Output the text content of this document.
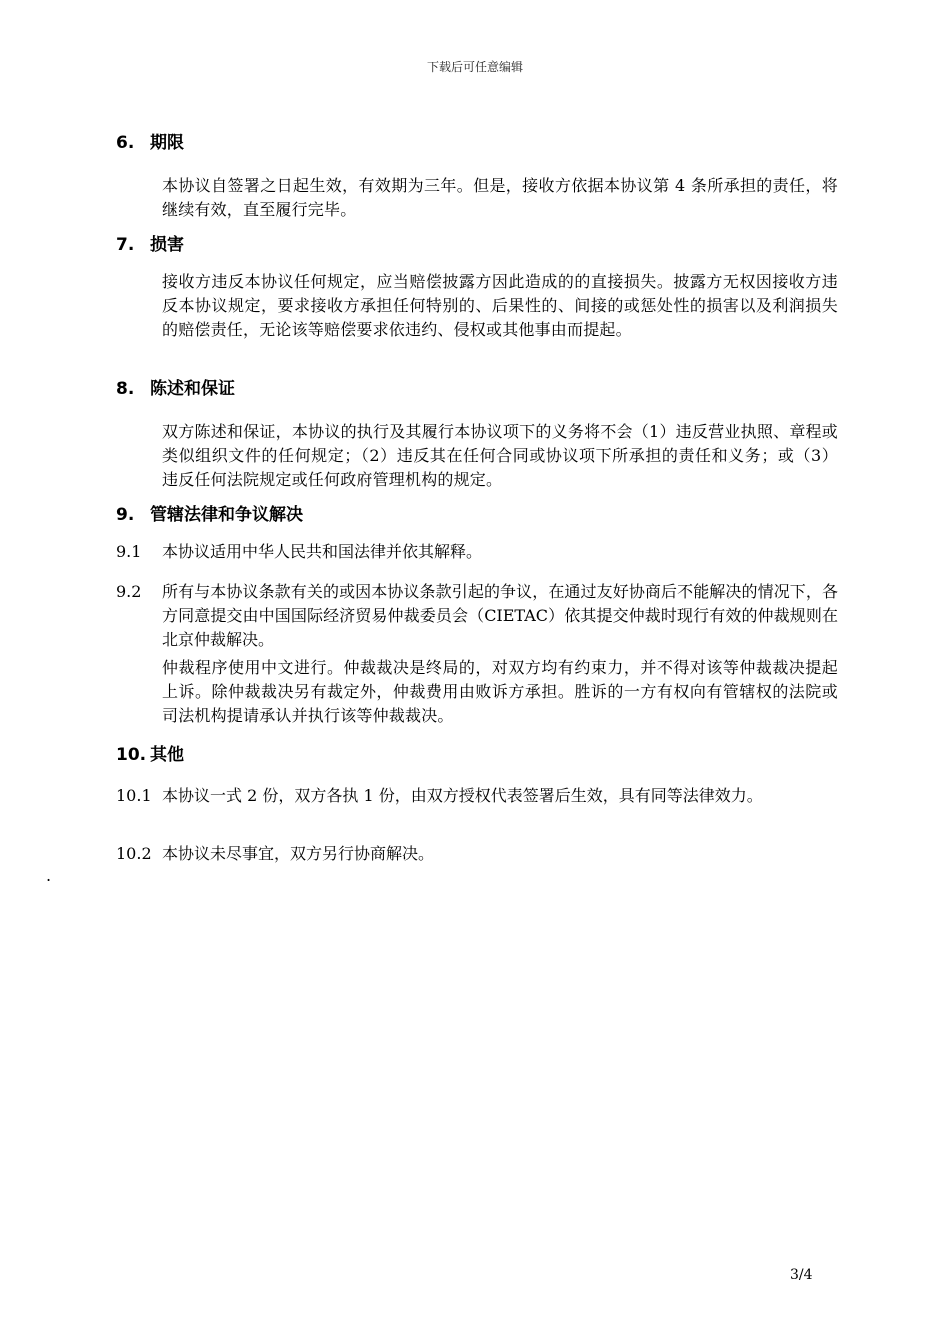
下载后可任意编辑
6. 期限
本协议自签署之日起生效，有效期为三年。但是，接收方依据本协议第 4 条所承担的责任，将继续有效，直至履行完毕。
7. 损害
接收方违反本协议任何规定，应当赔偿披露方因此造成的的直接损失。披露方无权因接收方违反本协议规定，要求接收方承担任何特别的、后果性的、间接的或惩处性的损害以及利润损失的赔偿责任，无论该等赔偿要求依违约、侵权或其他事由而提起。
8. 陈述和保证
双方陈述和保证，本协议的执行及其履行本协议项下的义务将不会（1）违反营业执照、章程或类似组织文件的任何规定；（2）违反其在任何合同或协议项下所承担的责任和义务；或（3）违反任何法院规定或任何政府管理机构的规定。
9. 管辖法律和争议解决
9.1	本协议适用中华人民共和国法律并依其解释。
9.2	所有与本协议条款有关的或因本协议条款引起的争议，在通过友好协商后不能解决的情况下，各方同意提交由中国国际经济贸易仲裁委员会（CIETAC）依其提交仲裁时现行有效的仲裁规则在北京仲裁解决。
仲裁程序使用中文进行。仲裁裁决是终局的，对双方均有约束力，并不得对该等仲裁裁决提起上诉。除仲裁裁决另有裁定外，仲裁费用由败诉方承担。胜诉的一方有权向有管辖权的法院或司法机构提请承认并执行该等仲裁裁决。
10. 其他
10.1 本协议一式 2 份，双方各执 1 份，由双方授权代表签署后生效，具有同等法律效力。
10.2 本协议未尽事宜，双方另行协商解决。
.
3/4
